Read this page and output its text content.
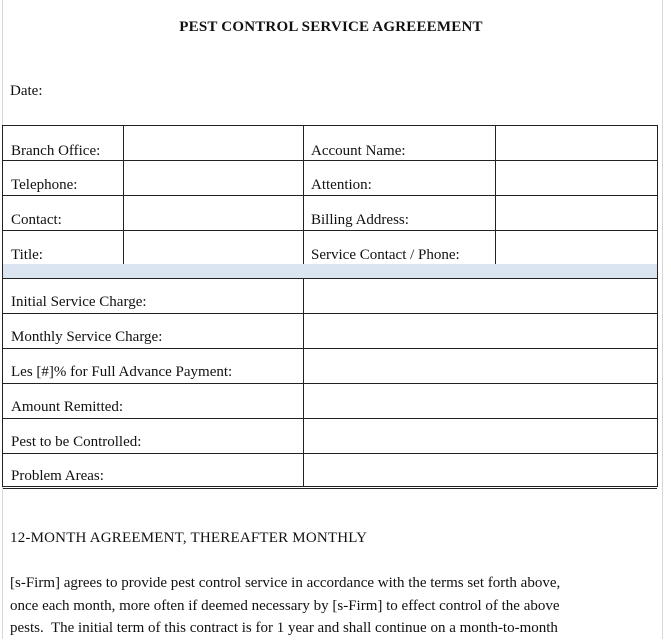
PEST CONTROL SERVICE AGREEEMENT
Date:
Branch Office:	Account Name:
Telephone:	Attention:
Contact:	Billing Address:
Title:	Service Contact / Phone:
Initial Service Charge:
Monthly Service Charge:
Les [#]% for Full Advance Payment:
Amount Remitted:
Pest to be Controlled:
Problem Areas:
12-MONTH AGREEMENT, THEREAFTER MONTHLY

[s-Firm] agrees to provide pest control service in accordance with the terms set forth above,

once each month, more often if deemed necessary by [s-Firm] to effect control of the above

pests.  The initial term of this contract is for 1 year and shall continue on a month-to-month
